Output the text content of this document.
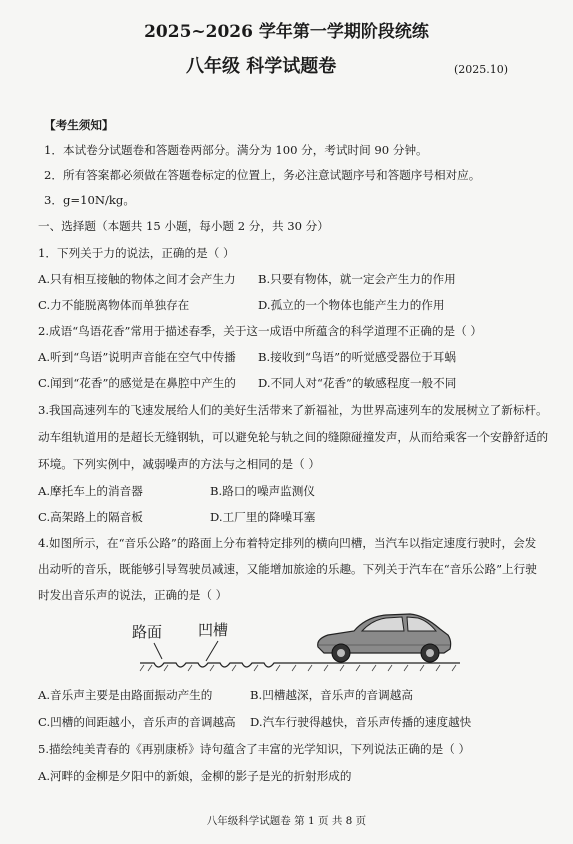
2025~2026 学年第一学期阶段统练
八年级 科学试题卷	(2025.10)
【考生须知】
1．本试卷分试题卷和答题卷两部分。满分为 100 分，考试时间 90 分钟。
2．所有答案都必须做在答题卷标定的位置上，务必注意试题序号和答题序号相对应。
3．g=10N/kg。
一、选择题（本题共 15 小题，每小题 2 分，共 30 分）
1．下列关于力的说法，正确的是（ ）
A.只有相互接触的物体之间才会产生力 B.只要有物体，就一定会产生力的作用
C.力不能脱离物体而单独存在	D.孤立的一个物体也能产生力的作用
2.成语“鸟语花香”常用于描述春季，关于这一成语中所蕴含的科学道理不正确的是（ ）
A.听到“鸟语”说明声音能在空气中传播 B.接收到“鸟语”的听觉感受器位于耳蜗
C.闻到“花香”的感觉是在鼻腔中产生的 D.不同人对“花香”的敏感程度一般不同
3.我国高速列车的飞速发展给人们的美好生活带来了新福祉，为世界高速列车的发展树立了新标杆。
动车组轨道用的是超长无缝钢轨，可以避免轮与轨之间的缝隙碰撞发声，从而给乘客一个安静舒适的
环境。下列实例中，减弱噪声的方法与之相同的是（ ）
A.摩托车上的消音器	B.路口的噪声监测仪
C.高架路上的隔音板	D.工厂里的降噪耳塞
4.如图所示，在“音乐公路”的路面上分布着特定排列的横向凹槽，当汽车以指定速度行驶时，会发
出动听的音乐，既能够引导驾驶员减速，又能增加旅途的乐趣。下列关于汽车在“音乐公路”上行驶
时发出音乐声的说法，正确的是（ ）
路面 凹槽
A.音乐声主要是由路面振动产生的	B.凹槽越深，音乐声的音调越高
C.凹槽的间距越小，音乐声的音调越高 D.汽车行驶得越快，音乐声传播的速度越快
5.描绘纯美青春的《再别康桥》诗句蕴含了丰富的光学知识，下列说法正确的是（ ）
A.河畔的金柳是夕阳中的新娘，金柳的影子是光的折射形成的
八年级科学试题卷 第 1 页 共 8 页
